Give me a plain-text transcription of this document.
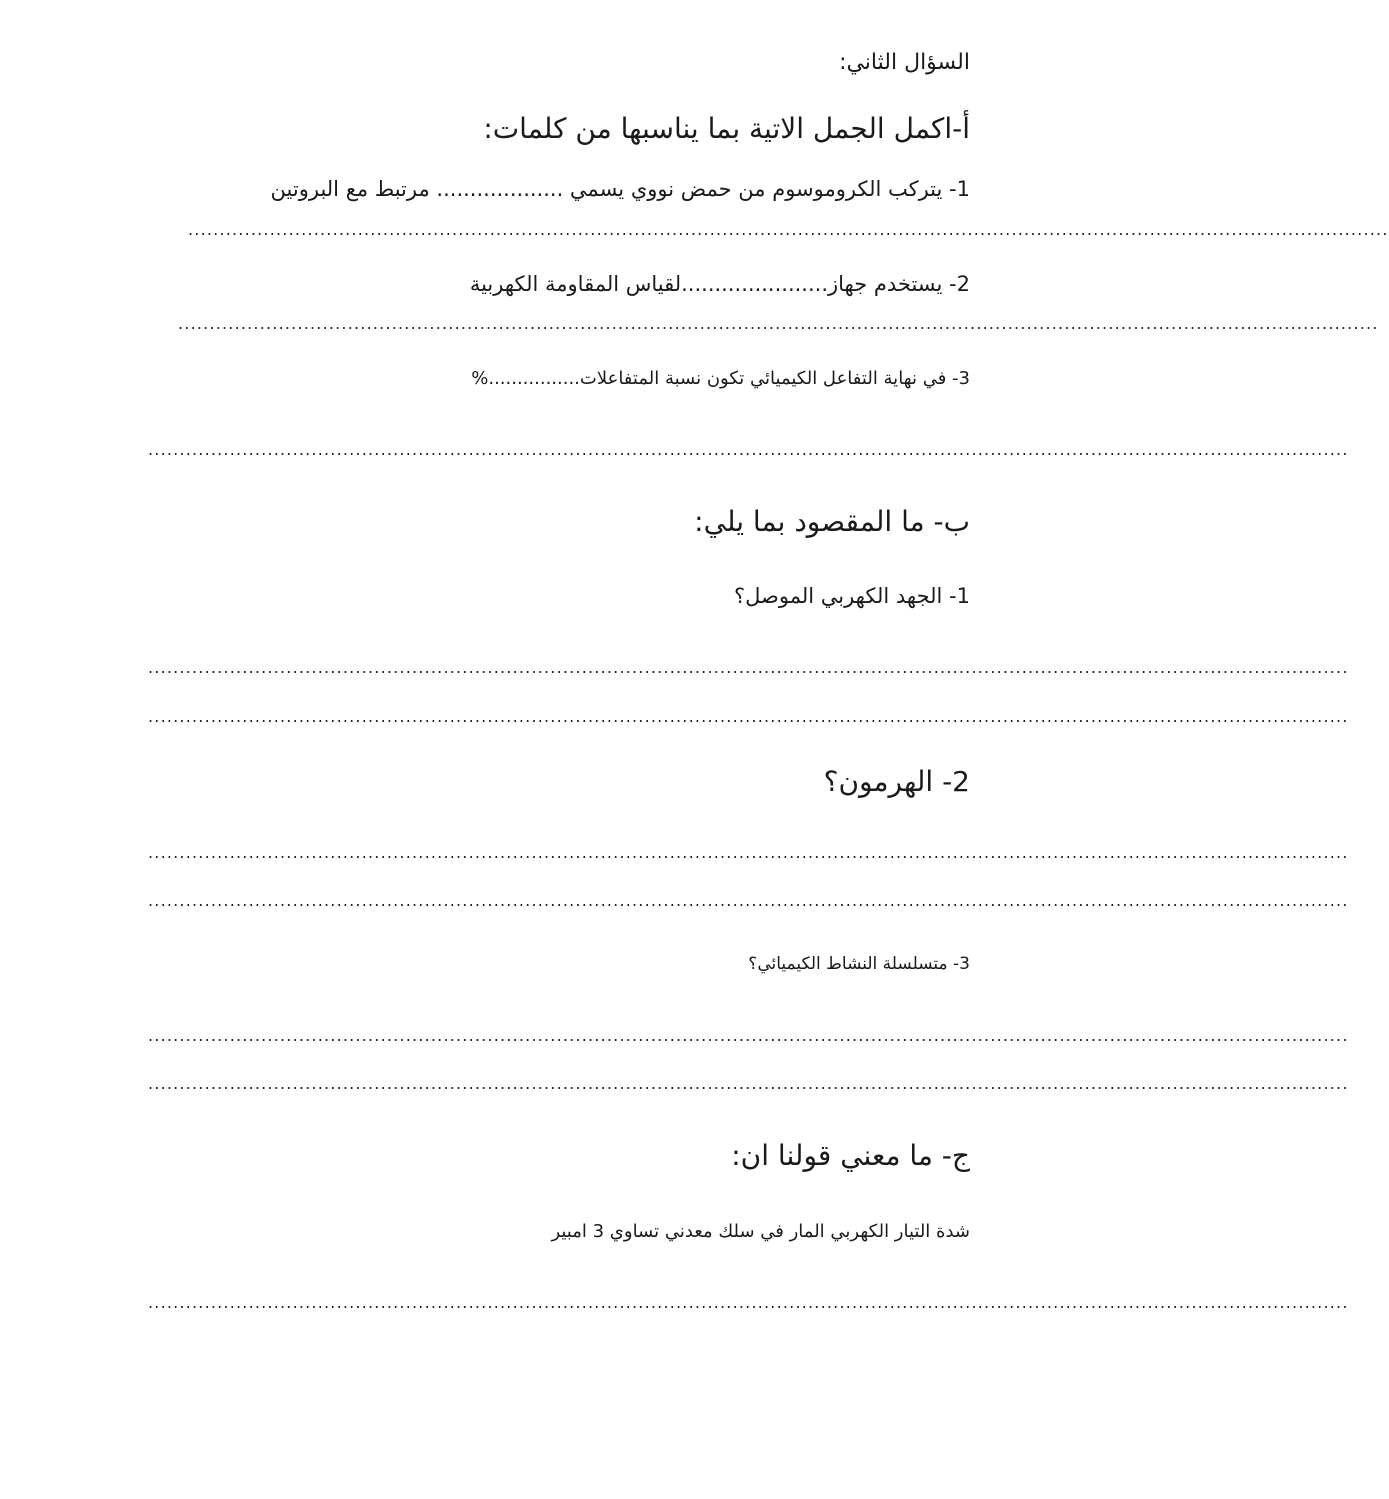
السؤال الثاني:
أ-اكمل الجمل الاتية بما يناسبها من كلمات:
1- يتركب الكروموسوم من حمض نووي يسمي ................... مرتبط مع البروتين
...............................................................................................................................................................................................
2- يستخدم جهاز......................لقياس المقاومة الكهربية
...............................................................................................................................................................................................
3- في نهاية التفاعل الكيميائي تكون نسبة المتفاعلات................%
...............................................................................................................................................................................................
ب- ما المقصود بما يلي:
1- الجهد الكهربي الموصل؟
...............................................................................................................................................................................................
...............................................................................................................................................................................................
2- الهرمون؟
...............................................................................................................................................................................................
...............................................................................................................................................................................................
3- متسلسلة النشاط الكيميائي؟
...............................................................................................................................................................................................
...............................................................................................................................................................................................
ج- ما معني قولنا ان:
شدة التيار الكهربي المار في سلك معدني تساوي 3 امبير
...............................................................................................................................................................................................
